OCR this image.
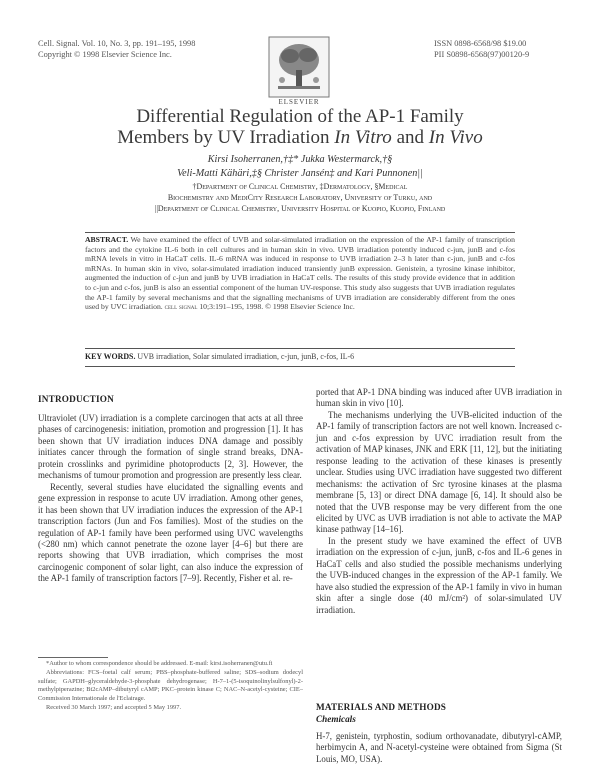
Cell. Signal. Vol. 10, No. 3, pp. 191–195, 1998
Copyright © 1998 Elsevier Science Inc.
ELSEVIER
ISSN 0898-6568/98 $19.00
PII S0898-6568(97)00120-9
Differential Regulation of the AP-1 Family
Members by UV Irradiation In Vitro and In Vivo
Kirsi Isoherranen,†‡* Jukka Westermarck,†§
Veli-Matti Kähäri,‡§ Christer Jansén‡ and Kari Punnonen||
†Department of Clinical Chemistry, ‡Dermatology, §Medical
Biochemistry and MediCity Research Laboratory, University of Turku, and
||Department of Clinical Chemistry, University Hospital of Kuopio, Kuopio, Finland
ABSTRACT. We have examined the effect of UVB and solar-simulated irradiation on the expression of the AP-1 family of transcription factors and the cytokine IL-6 both in cell cultures and in human skin in vivo. UVB irradiation potently induced c-jun, junB and c-fos mRNA levels in vitro in HaCaT cells. IL-6 mRNA was induced in response to UVB irradiation 2–3 h later than c-jun, junB and c-fos mRNAs. In human skin in vivo, solar-simulated irradiation induced transiently junB expression. Genistein, a tyrosine kinase inhibitor, augmented the induction of c-jun and junB by UVB irradiation in HaCaT cells. The results of this study provide evidence that in addition to c-jun and c-fos, junB is also an essential component of the human UV-response. This study also suggests that UVB irradiation regulates the AP-1 family by several mechanisms and that the signalling mechanisms of UVB irradiation are considerably different from the ones used by UVC irradiation. cell signal 10;3:191–195, 1998. © 1998 Elsevier Science Inc.
KEY WORDS. UVB irradiation, Solar simulated irradiation, c-jun, junB, c-fos, IL-6
INTRODUCTION

Ultraviolet (UV) irradiation is a complete carcinogen that acts at all three phases of carcinogenesis: initiation, promotion and progression [1]. It has been shown that UV irradiation induces DNA damage and possibly initiates cancer through the formation of single strand breaks, DNA-protein crosslinks and pyrimidine photoproducts [2, 3]. However, the mechanisms of tumour promotion and progression are presently less clear.

Recently, several studies have elucidated the signalling events and gene expression in response to acute UV irradiation. Among other genes, it has been shown that UV irradiation induces the expression of the AP-1 transcription factors (Jun and Fos families). Most of the studies on the regulation of AP-1 family have been performed using UVC wavelengths (<280 nm) which cannot penetrate the ozone layer [4–6] but there are reports showing that UVB irradiation, which comprises the most carcinogenic component of solar light, can also induce the expression of the AP-1 family of transcription factors [7–9]. Recently, Fisher et al. re-

*Author to whom correspondence should be addressed. E-mail: kirsi.isoherranen@utu.fi

Abbreviations: FCS–foetal calf serum; PBS–phosphate-buffered saline; SDS–sodium dodecyl sulfate; GAPDH–glyceraldehyde-3-phosphate dehydrogenase; H-7–1-(5-isoquinolinylsulfonyl)-2-methylpiperazine; Bt2cAMP–dibutyryl cAMP; PKC–protein kinase C; NAC–N-acetyl-cysteine; CIE–Commission Internationale de l'Eclairage.

Received 30 March 1997; and accepted 5 May 1997.

ported that AP-1 DNA binding was induced after UVB irradiation in human skin in vivo [10].

The mechanisms underlying the UVB-elicited induction of the AP-1 family of transcription factors are not well known. Increased c-jun and c-fos expression by UVC irradiation result from the activation of MAP kinases, JNK and ERK [11, 12], but the initiating response leading to the activation of these kinases is presently unclear. Studies using UVC irradiation have suggested two different mechanisms: the activation of Src tyrosine kinases at the plasma membrane [5, 13] or direct DNA damage [6, 14]. It should also be noted that the UVB response may be very different from the one elicited by UVC as UVB irradiation is not able to activate the MAP kinase pathway [14–16].

In the present study we have examined the effect of UVB irradiation on the expression of c-jun, junB, c-fos and IL-6 genes in HaCaT cells and also studied the possible mechanisms underlying the UVB-induced changes in the expression of the AP-1 family. We have also studied the expression of the AP-1 family in vivo in human skin after a single dose (40 mJ/cm²) of solar-simulated UV irradiation.

MATERIALS AND METHODS
Chemicals

H-7, genistein, tyrphostin, sodium orthovanadate, dibutyryl-cAMP, herbimycin A, and N-acetyl-cysteine were obtained from Sigma (St Louis, MO, USA).
